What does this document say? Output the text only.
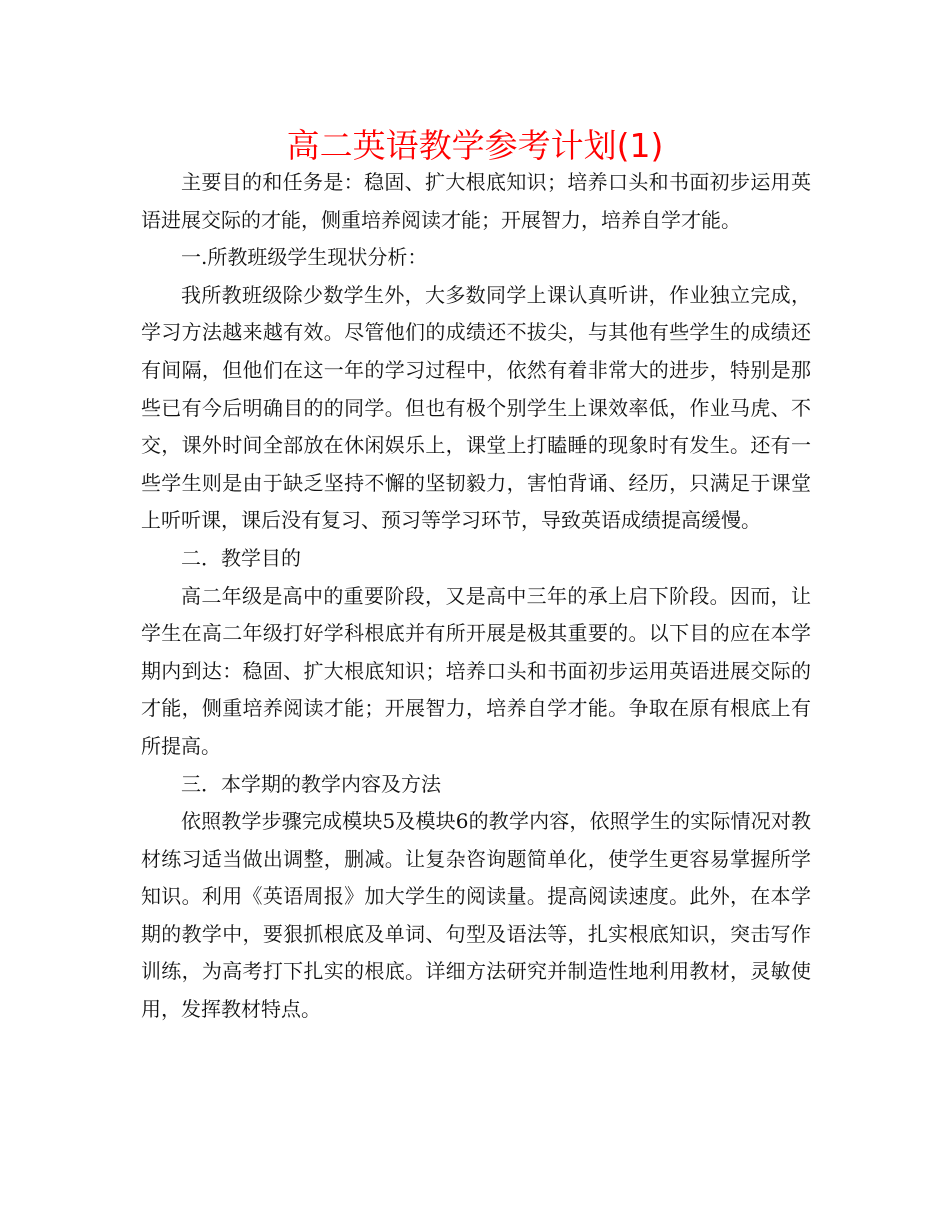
高二英语教学参考计划(1)

主要目的和任务是：稳固、扩大根底知识；培养口头和书面初步运用英语进展交际的才能，侧重培养阅读才能；开展智力，培养自学才能。

一.所教班级学生现状分析：

我所教班级除少数学生外，大多数同学上课认真听讲，作业独立完成，学习方法越来越有效。尽管他们的成绩还不拔尖，与其他有些学生的成绩还有间隔，但他们在这一年的学习过程中，依然有着非常大的进步，特别是那些已有今后明确目的的同学。但也有极个别学生上课效率低，作业马虎、不交，课外时间全部放在休闲娱乐上，课堂上打瞌睡的现象时有发生。还有一些学生则是由于缺乏坚持不懈的坚韧毅力，害怕背诵、经历，只满足于课堂上听听课，课后没有复习、预习等学习环节，导致英语成绩提高缓慢。

二．教学目的

高二年级是高中的重要阶段，又是高中三年的承上启下阶段。因而，让学生在高二年级打好学科根底并有所开展是极其重要的。以下目的应在本学期内到达：稳固、扩大根底知识；培养口头和书面初步运用英语进展交际的才能，侧重培养阅读才能；开展智力，培养自学才能。争取在原有根底上有所提高。

三．本学期的教学内容及方法

依照教学步骤完成模块5及模块6的教学内容，依照学生的实际情况对教材练习适当做出调整，删减。让复杂咨询题简单化，使学生更容易掌握所学知识。利用《英语周报》加大学生的阅读量。提高阅读速度。此外，在本学期的教学中，要狠抓根底及单词、句型及语法等，扎实根底知识，突击写作训练，为高考打下扎实的根底。详细方法研究并制造性地利用教材，灵敏使用，发挥教材特点。
